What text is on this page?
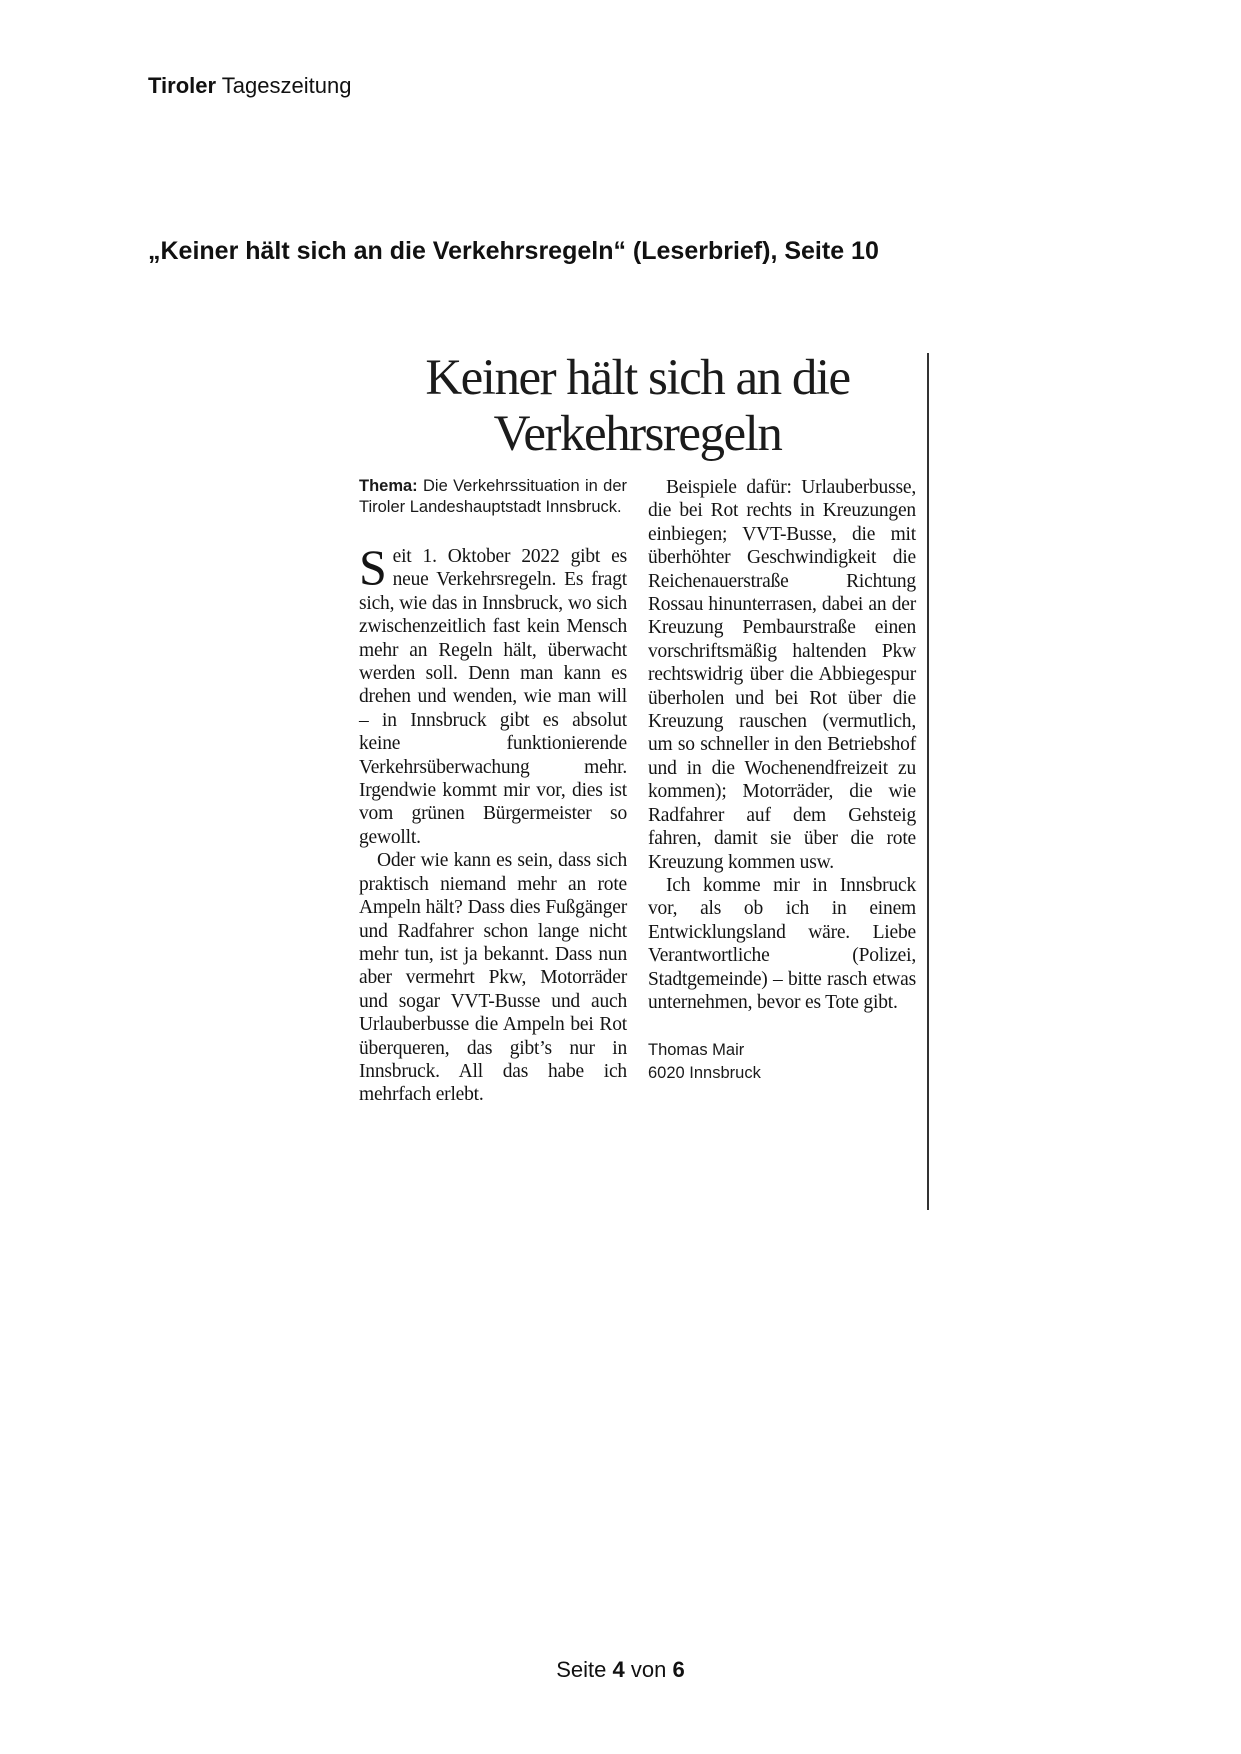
Tiroler Tageszeitung
„Keiner hält sich an die Verkehrsregeln“ (Leserbrief), Seite 10
Keiner hält sich an die
Verkehrsregeln

Thema: Die Verkehrssituation in der Tiroler Landeshauptstadt Innsbruck.

Seit 1. Oktober 2022 gibt es neue Verkehrsregeln. Es fragt sich, wie das in Innsbruck, wo sich zwischenzeitlich fast kein Mensch mehr an Regeln hält, überwacht werden soll. Denn man kann es drehen und wenden, wie man will – in Innsbruck gibt es absolut keine funktionierende Verkehrsüberwachung mehr. Irgendwie kommt mir vor, dies ist vom grünen Bürgermeister so gewollt.

Oder wie kann es sein, dass sich praktisch niemand mehr an rote Ampeln hält? Dass dies Fußgänger und Radfahrer schon lange nicht mehr tun, ist ja bekannt. Dass nun aber vermehrt Pkw, Motorräder und sogar VVT-Busse und auch Urlauberbusse die Ampeln bei Rot überqueren, das gibt’s nur in Innsbruck. All das habe ich mehrfach erlebt.

Beispiele dafür: Urlauberbusse, die bei Rot rechts in Kreuzungen einbiegen; VVT-Busse, die mit überhöhter Geschwindigkeit die Reichenauerstraße Richtung Rossau hinunterrasen, dabei an der Kreuzung Pembaurstraße einen vorschriftsmäßig haltenden Pkw rechtswidrig über die Abbiegespur überholen und bei Rot über die Kreuzung rauschen (vermutlich, um so schneller in den Betriebshof und in die Wochenendfreizeit zu kommen); Motorräder, die wie Radfahrer auf dem Gehsteig fahren, damit sie über die rote Kreuzung kommen usw.

Ich komme mir in Innsbruck vor, als ob ich in einem Entwicklungsland wäre. Liebe Verantwortliche (Polizei, Stadtgemeinde) – bitte rasch etwas unternehmen, bevor es Tote gibt.

Thomas Mair
6020 Innsbruck
Seite 4 von 6
